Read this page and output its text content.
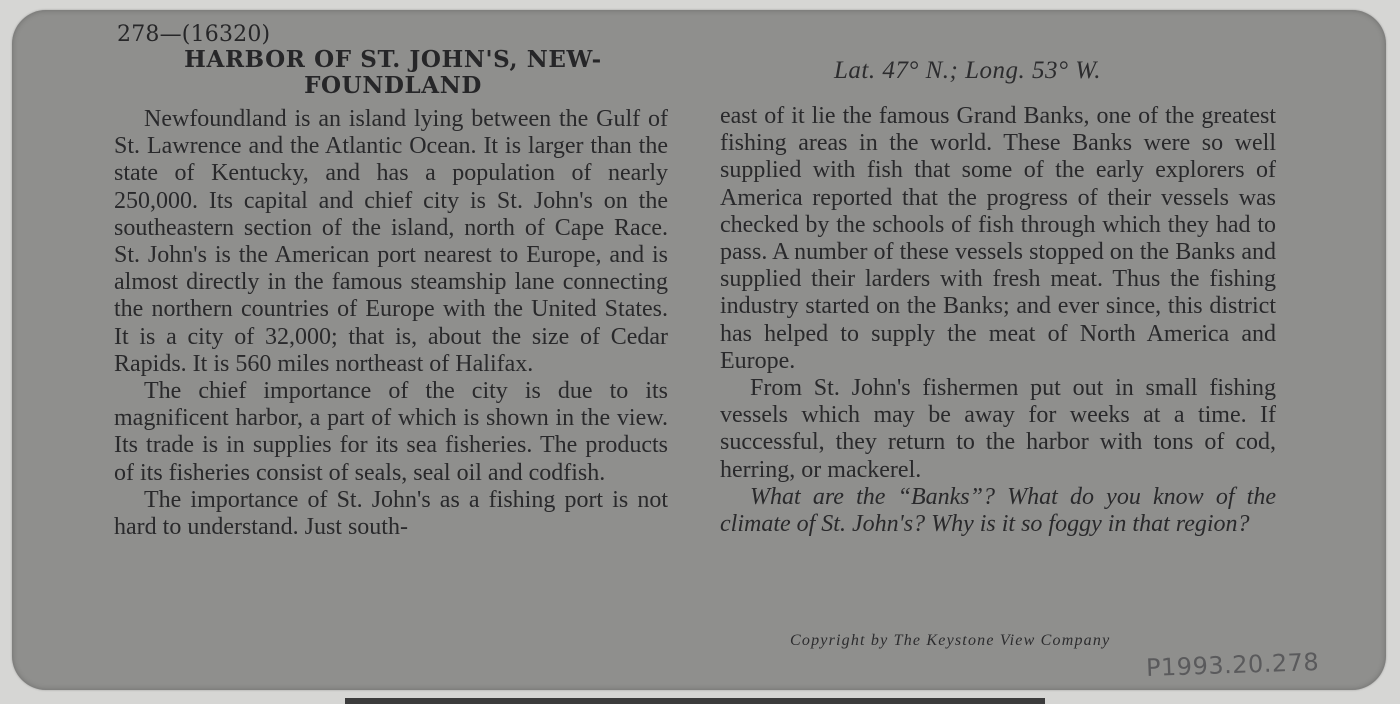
278—(16320)
HARBOR OF ST. JOHN'S, NEW-FOUNDLAND
Lat. 47° N.; Long. 53° W.

Newfoundland is an island lying between the Gulf of St. Lawrence and the Atlantic Ocean. It is larger than the state of Kentucky, and has a population of nearly 250,000. Its capital and chief city is St. John's on the southeastern section of the island, north of Cape Race. St. John's is the American port nearest to Europe, and is almost directly in the famous steamship lane connecting the northern countries of Europe with the United States. It is a city of 32,000; that is, about the size of Cedar Rapids. It is 560 miles northeast of Halifax.

The chief importance of the city is due to its magnificent harbor, a part of which is shown in the view. Its trade is in supplies for its sea fisheries. The products of its fisheries consist of seals, seal oil and codfish.

The importance of St. John's as a fishing port is not hard to understand. Just south-

east of it lie the famous Grand Banks, one of the greatest fishing areas in the world. These Banks were so well supplied with fish that some of the early explorers of America reported that the progress of their vessels was checked by the schools of fish through which they had to pass. A number of these vessels stopped on the Banks and supplied their larders with fresh meat. Thus the fishing industry started on the Banks; and ever since, this district has helped to supply the meat of North America and Europe.

From St. John's fishermen put out in small fishing vessels which may be away for weeks at a time. If successful, they return to the harbor with tons of cod, herring, or mackerel.

What are the “Banks”? What do you know of the climate of St. John's? Why is it so foggy in that region?

Copyright by The Keystone View Company
P1993.20.278
